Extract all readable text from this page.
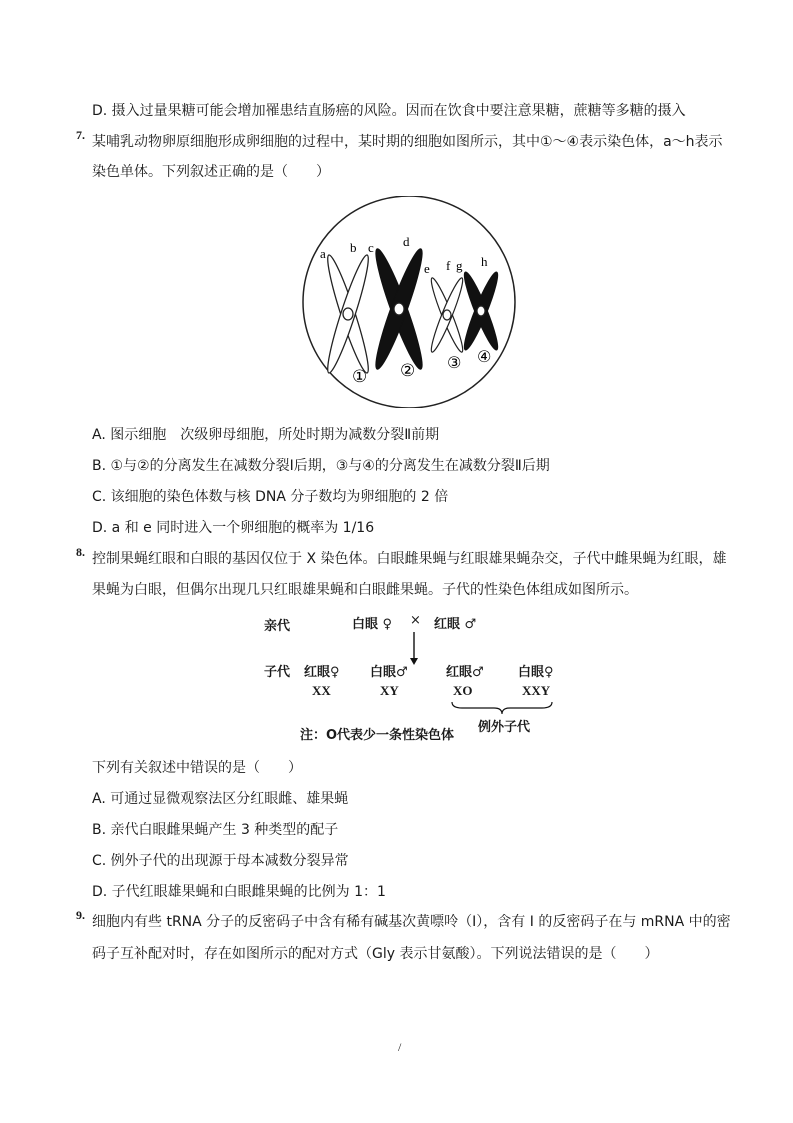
D. 摄入过量果糖可能会增加罹患结直肠癌的风险。因而在饮食中要注意果糖，蔗糖等多糖的摄入
7. 某哺乳动物卵原细胞形成卵细胞的过程中，某时期的细胞如图所示，其中①～④表示染色体，a～h表示
染色单体。下列叙述正确的是（　　）
a b c d
e f g h
① ② ③ ④
A. 图示细胞　次级卵母细胞，所处时期为减数分裂Ⅱ前期
B. ①与②的分离发生在减数分裂Ⅰ后期，③与④的分离发生在减数分裂Ⅱ后期
C. 该细胞的染色体数与核 DNA 分子数均为卵细胞的 2 倍
D. a 和 e 同时进入一个卵细胞的概率为 1/16
8. 控制果蝇红眼和白眼的基因仅位于 X 染色体。白眼雌果蝇与红眼雄果蝇杂交，子代中雌果蝇为红眼，雄
果蝇为白眼，但偶尔出现几只红眼雄果蝇和白眼雌果蝇。子代的性染色体组成如图所示。
亲代	白眼 ♀ × 红眼 ♂
子代 红眼♀ 白眼♂	红眼♂	白眼♀
XX	XY	XO	XXY
例外子代
注：O代表少一条性染色体
下列有关叙述中错误的是（　　）
A. 可通过显微观察法区分红眼雌、雄果蝇
B. 亲代白眼雌果蝇产生 3 种类型的配子
C. 例外子代的出现源于母本减数分裂异常
D. 子代红眼雄果蝇和白眼雌果蝇的比例为 1：1
9. 细胞内有些 tRNA 分子的反密码子中含有稀有碱基次黄嘌呤（I），含有 I 的反密码子在与 mRNA 中的密
码子互补配对时，存在如图所示的配对方式（Gly 表示甘氨酸）。下列说法错误的是（　　）
/
